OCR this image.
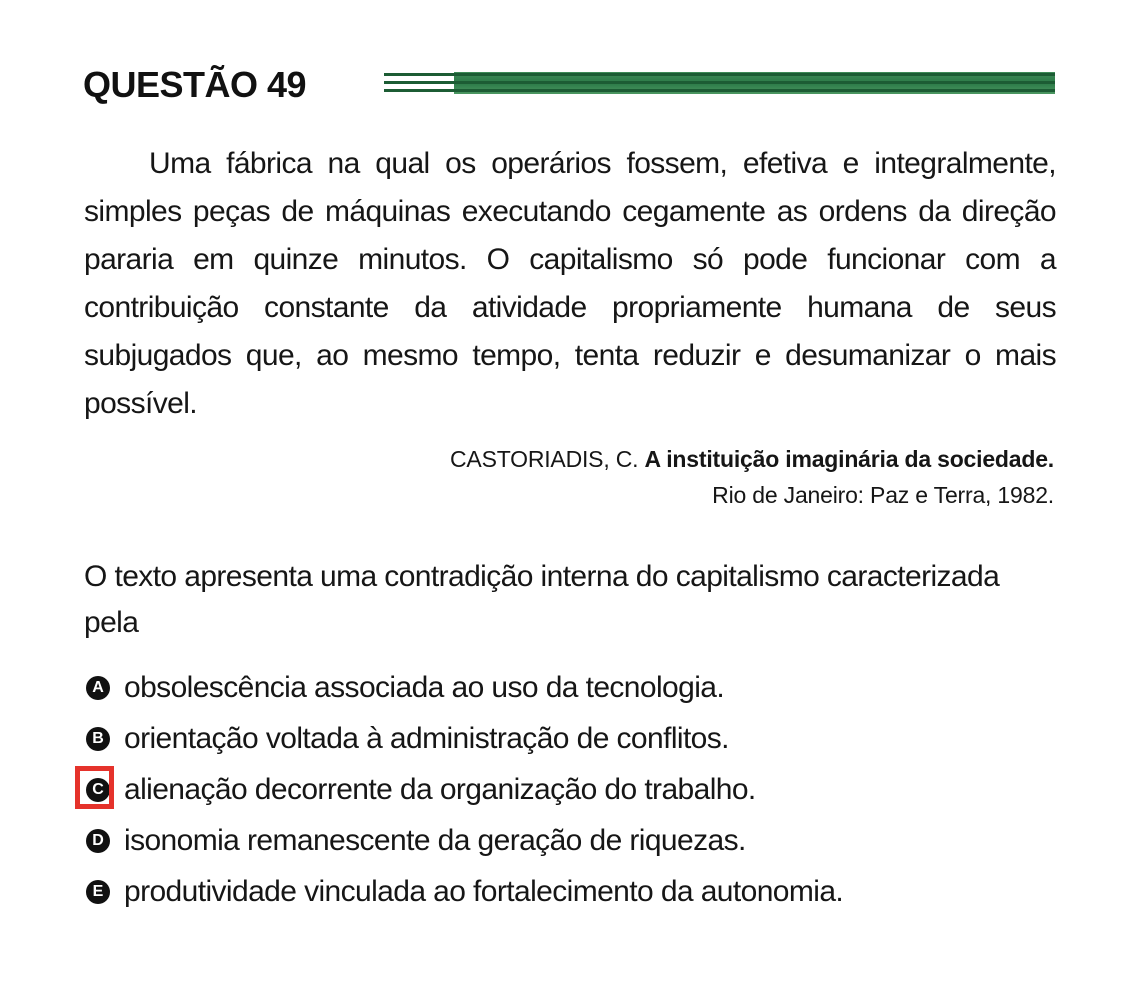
QUESTÃO 49

Uma fábrica na qual os operários fossem, efetiva e integralmente, simples peças de máquinas executando cegamente as ordens da direção pararia em quinze minutos. O capitalismo só pode funcionar com a contribuição constante da atividade propriamente humana de seus subjugados que, ao mesmo tempo, tenta reduzir e desumanizar o mais possível.

CASTORIADIS, C. A instituição imaginária da sociedade.
Rio de Janeiro: Paz e Terra, 1982.

O texto apresenta uma contradição interna do capitalismo caracterizada pela

A obsolescência associada ao uso da tecnologia.
B orientação voltada à administração de conflitos.
C alienação decorrente da organização do trabalho.
D isonomia remanescente da geração de riquezas.
E produtividade vinculada ao fortalecimento da autonomia.
